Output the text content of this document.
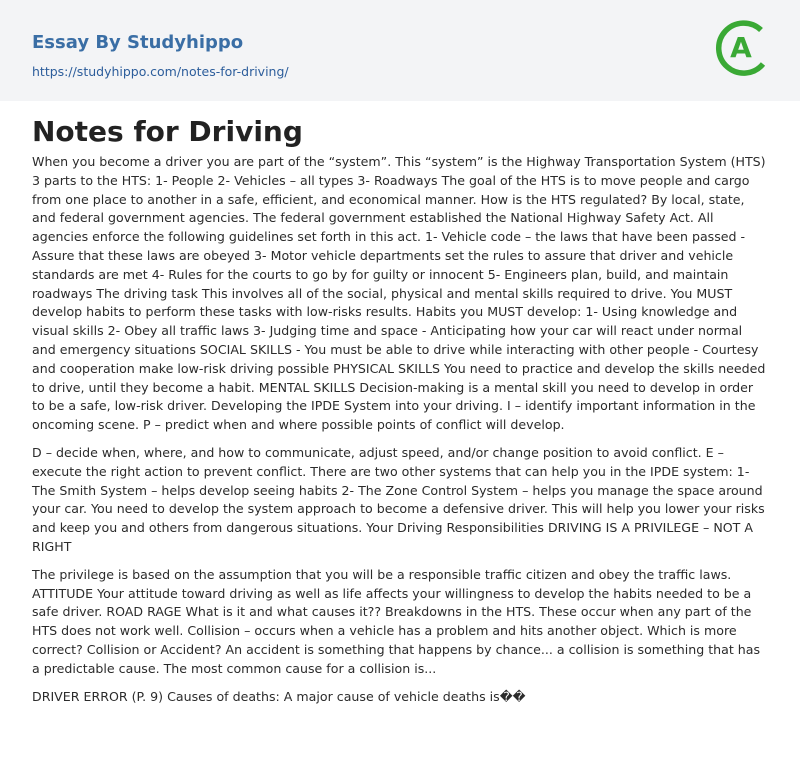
Essay By Studyhippo
https://studyhippo.com/notes-for-driving/
A
Notes for Driving

When you become a driver you are part of the “system”. This “system” is the Highway Transportation System (HTS) 3 parts to the HTS: 1- People 2- Vehicles – all types 3- Roadways The goal of the HTS is to move people and cargo from one place to another in a safe, efficient, and economical manner. How is the HTS regulated? By local, state, and federal government agencies. The federal government established the National Highway Safety Act. All agencies enforce the following guidelines set forth in this act. 1- Vehicle code – the laws that have been passed - Assure that these laws are obeyed 3- Motor vehicle departments set the rules to assure that driver and vehicle standards are met 4- Rules for the courts to go by for guilty or innocent 5- Engineers plan, build, and maintain roadways The driving task This involves all of the social, physical and mental skills required to drive. You MUST develop habits to perform these tasks with low-risks results. Habits you MUST develop: 1- Using knowledge and visual skills 2- Obey all traffic laws 3- Judging time and space - Anticipating how your car will react under normal and emergency situations SOCIAL SKILLS - You must be able to drive while interacting with other people - Courtesy and cooperation make low-risk driving possible PHYSICAL SKILLS You need to practice and develop the skills needed to drive, until they become a habit. MENTAL SKILLS Decision-making is a mental skill you need to develop in order to be a safe, low-risk driver. Developing the IPDE System into your driving. I – identify important information in the oncoming scene. P – predict when and where possible points of conflict will develop.

D – decide when, where, and how to communicate, adjust speed, and/or change position to avoid conflict. E – execute the right action to prevent conflict. There are two other systems that can help you in the IPDE system: 1- The Smith System – helps develop seeing habits 2- The Zone Control System – helps you manage the space around your car. You need to develop the system approach to become a defensive driver. This will help you lower your risks and keep you and others from dangerous situations. Your Driving Responsibilities DRIVING IS A PRIVILEGE – NOT A RIGHT

The privilege is based on the assumption that you will be a responsible traffic citizen and obey the traffic laws. ATTITUDE Your attitude toward driving as well as life affects your willingness to develop the habits needed to be a safe driver. ROAD RAGE What is it and what causes it?? Breakdowns in the HTS. These occur when any part of the HTS does not work well. Collision – occurs when a vehicle has a problem and hits another object. Which is more correct? Collision or Accident? An accident is something that happens by chance... a collision is something that has a predictable cause. The most common cause for a collision is...

DRIVER ERROR (P. 9) Causes of deaths: A major cause of vehicle deaths is��
